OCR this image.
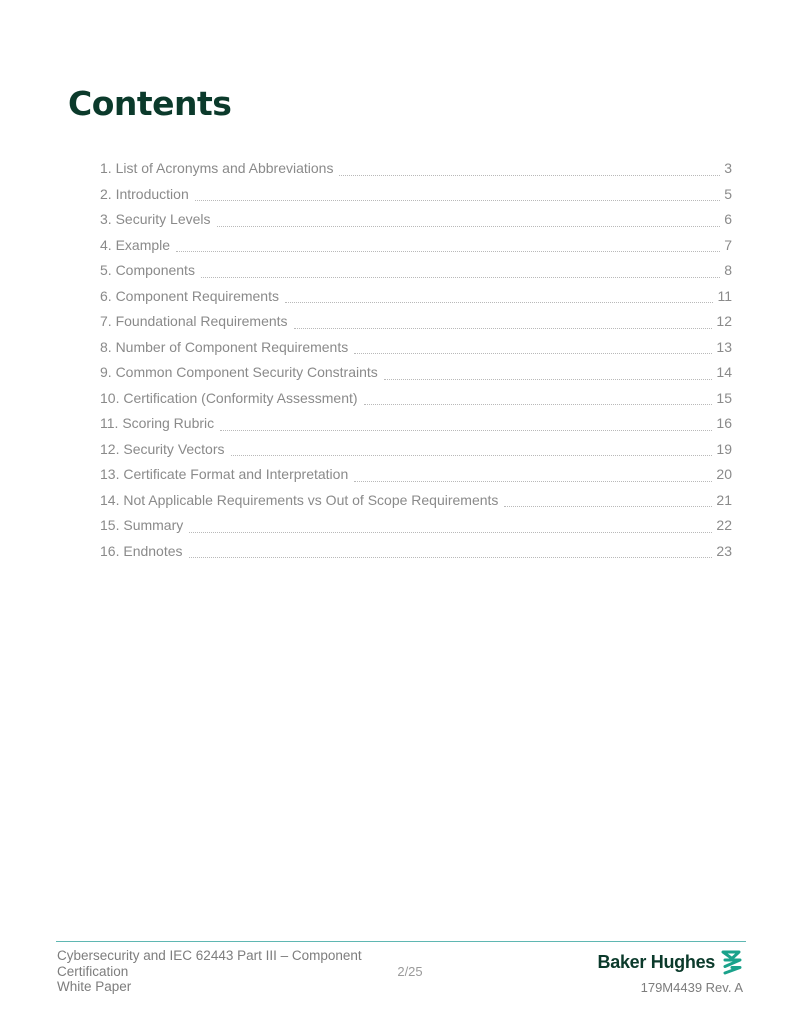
Contents
1. List of Acronyms and Abbreviations	3
2. Introduction	5
3. Security Levels	6
4. Example	7
5. Components	8
6. Component Requirements	11
7. Foundational Requirements	12
8. Number of Component Requirements	13
9. Common Component Security Constraints	14
10. Certification (Conformity Assessment)	15
11. Scoring Rubric	16
12. Security Vectors	19
13. Certificate Format and Interpretation	20
14. Not Applicable Requirements vs Out of Scope Requirements	21
15. Summary	22
16. Endnotes	23
Cybersecurity and IEC 62443 Part III – Component
Certification
White Paper
2/25	Baker Hughes
179M4439 Rev. A
